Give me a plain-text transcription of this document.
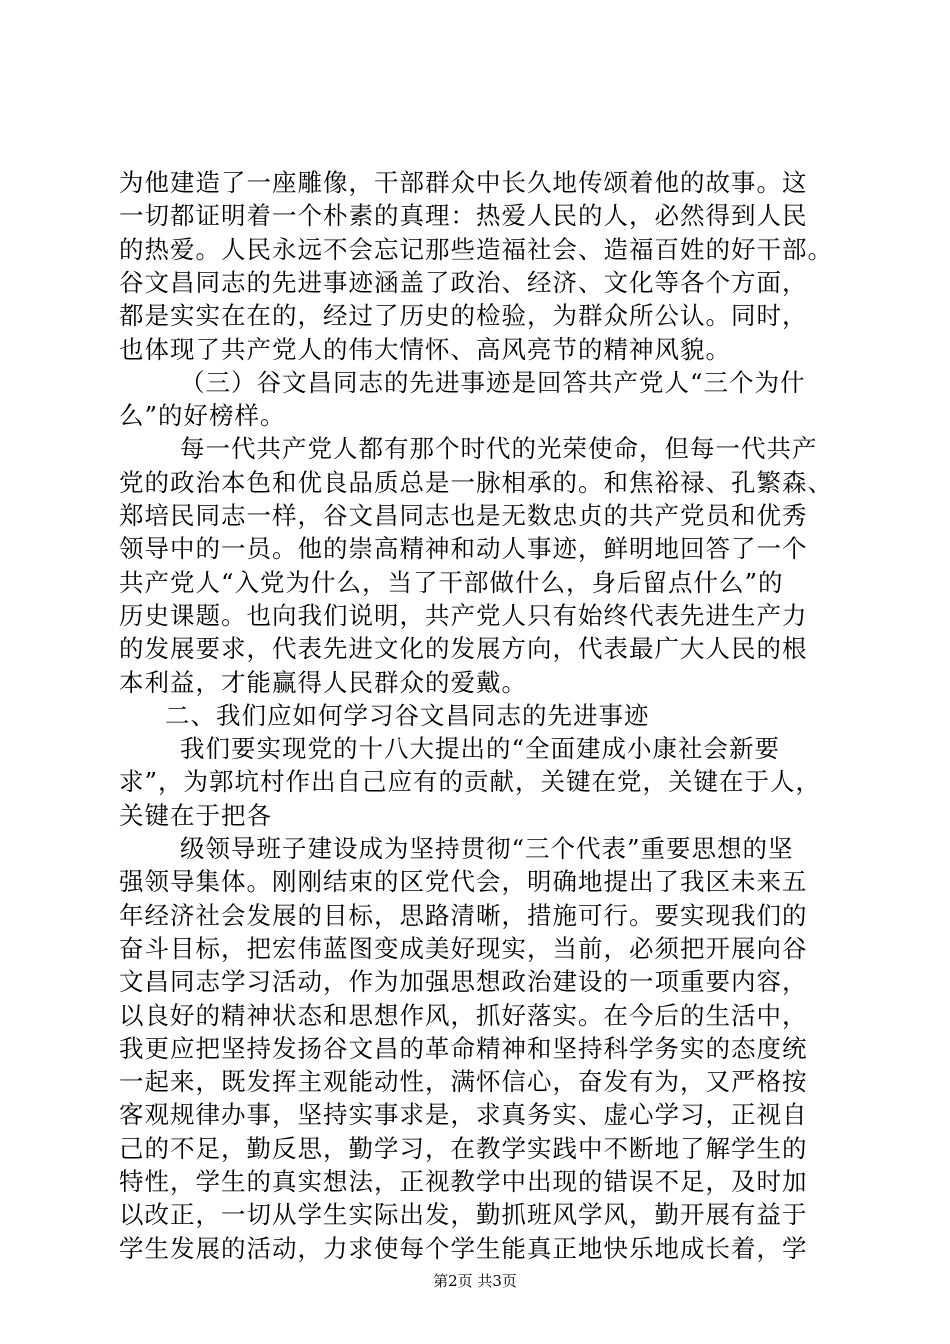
为他建造了一座雕像，干部群众中长久地传颂着他的故事。这
一切都证明着一个朴素的真理：热爱人民的人，必然得到人民
的热爱。人民永远不会忘记那些造福社会、造福百姓的好干部。
谷文昌同志的先进事迹涵盖了政治、经济、文化等各个方面，
都是实实在在的，经过了历史的检验，为群众所公认。同时，
也体现了共产党人的伟大情怀、高风亮节的精神风貌。
（三）谷文昌同志的先进事迹是回答共产党人“三个为什
么”的好榜样。
每一代共产党人都有那个时代的光荣使命，但每一代共产
党的政治本色和优良品质总是一脉相承的。和焦裕禄、孔繁森、
郑培民同志一样，谷文昌同志也是无数忠贞的共产党员和优秀
领导中的一员。他的崇高精神和动人事迹，鲜明地回答了一个
共产党人“入党为什么，当了干部做什么，身后留点什么”的
历史课题。也向我们说明，共产党人只有始终代表先进生产力
的发展要求，代表先进文化的发展方向，代表最广大人民的根
本利益，才能赢得人民群众的爱戴。
二、我们应如何学习谷文昌同志的先进事迹
我们要实现党的十八大提出的“全面建成小康社会新要
求”，为郭坑村作出自己应有的贡献，关键在党，关键在于人，
关键在于把各
级领导班子建设成为坚持贯彻“三个代表”重要思想的坚
强领导集体。刚刚结束的区党代会，明确地提出了我区未来五
年经济社会发展的目标，思路清晰，措施可行。要实现我们的
奋斗目标，把宏伟蓝图变成美好现实，当前，必须把开展向谷
文昌同志学习活动，作为加强思想政治建设的一项重要内容，
以良好的精神状态和思想作风，抓好落实。在今后的生活中，
我更应把坚持发扬谷文昌的革命精神和坚持科学务实的态度统
一起来，既发挥主观能动性，满怀信心，奋发有为，又严格按
客观规律办事，坚持实事求是，求真务实、虚心学习，正视自
己的不足，勤反思，勤学习，在教学实践中不断地了解学生的
特性，学生的真实想法，正视教学中出现的错误不足，及时加
第2页 共3页
以改正，一切从学生实际出发，勤抓班风学风，勤开展有益于
学生发展的活动，力求使每个学生能真正地快乐地成长着，学
